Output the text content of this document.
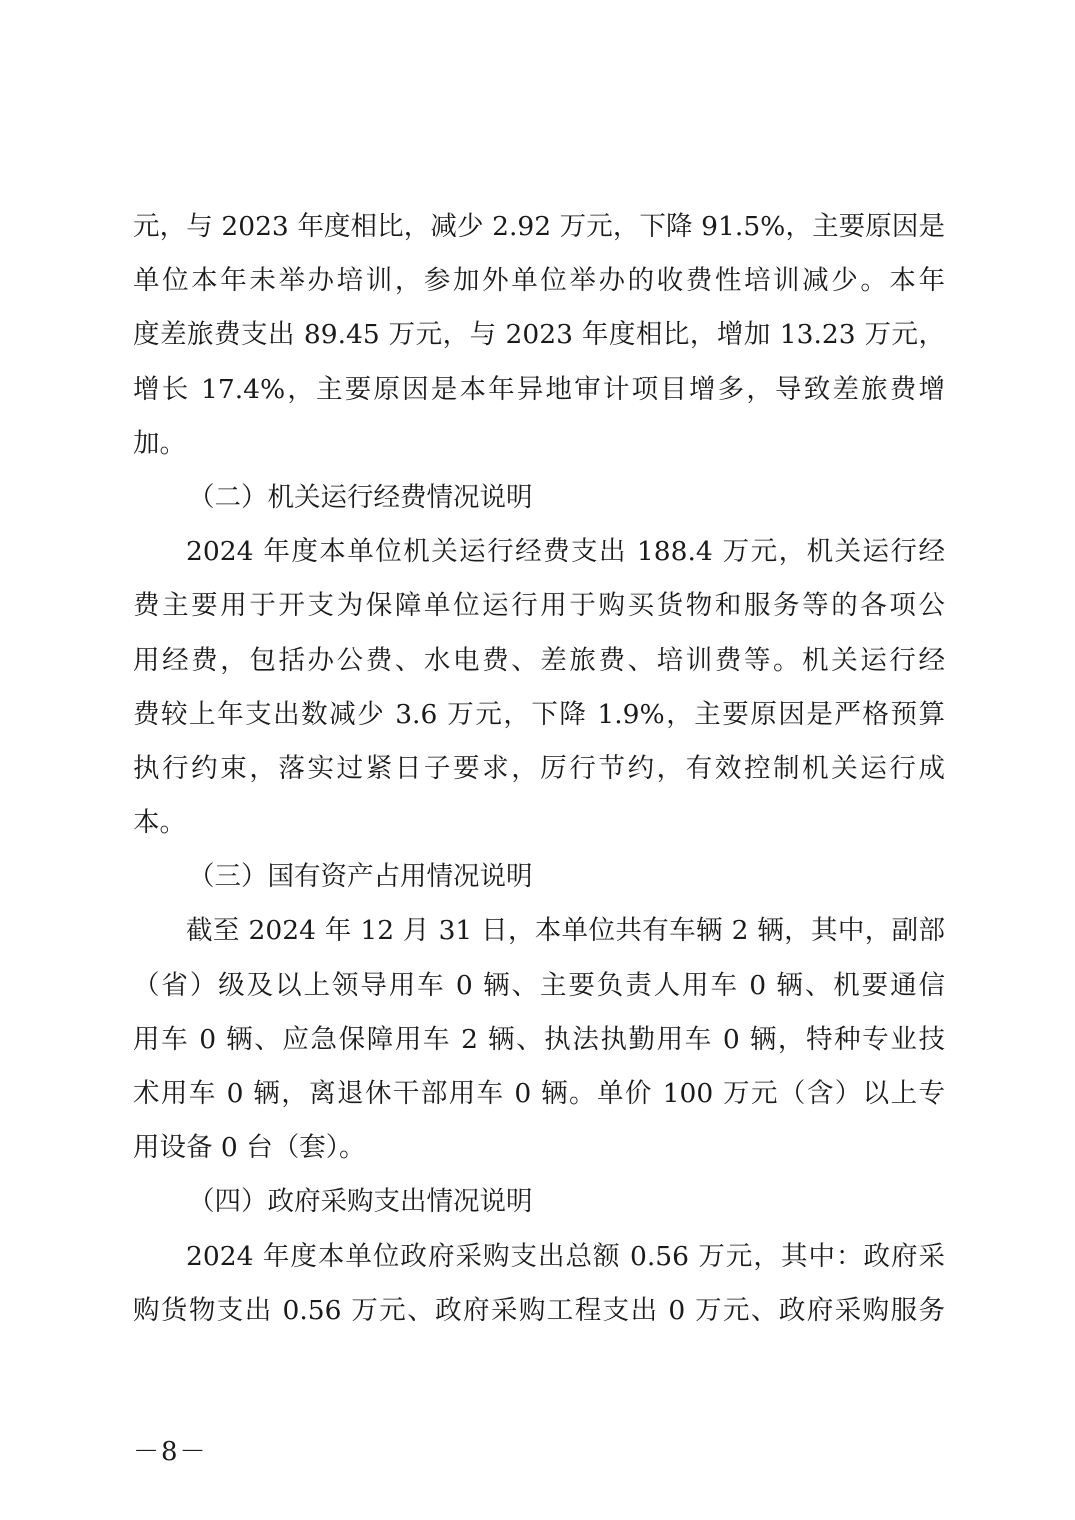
元，与 2023 年度相比，减少 2.92 万元，下降 91.5%，主要原因是
单位本年未举办培训，参加外单位举办的收费性培训减少。本年
度差旅费支出 89.45 万元，与 2023 年度相比，增加 13.23 万元，
增长 17.4%，主要原因是本年异地审计项目增多，导致差旅费增
加。
（二）机关运行经费情况说明
2024 年度本单位机关运行经费支出 188.4 万元，机关运行经
费主要用于开支为保障单位运行用于购买货物和服务等的各项公
用经费，包括办公费、水电费、差旅费、培训费等。机关运行经
费较上年支出数减少 3.6 万元，下降 1.9%，主要原因是严格预算
执行约束，落实过紧日子要求，厉行节约，有效控制机关运行成
本。
（三）国有资产占用情况说明
截至 2024 年 12 月 31 日，本单位共有车辆 2 辆，其中，副部
（省）级及以上领导用车 0 辆、主要负责人用车 0 辆、机要通信
用车 0 辆、应急保障用车 2 辆、执法执勤用车 0 辆，特种专业技
术用车 0 辆，离退休干部用车 0 辆。单价 100 万元（含）以上专
用设备 0 台（套）。
（四）政府采购支出情况说明
2024 年度本单位政府采购支出总额 0.56 万元，其中：政府采
购货物支出 0.56 万元、政府采购工程支出 0 万元、政府采购服务
－8－
